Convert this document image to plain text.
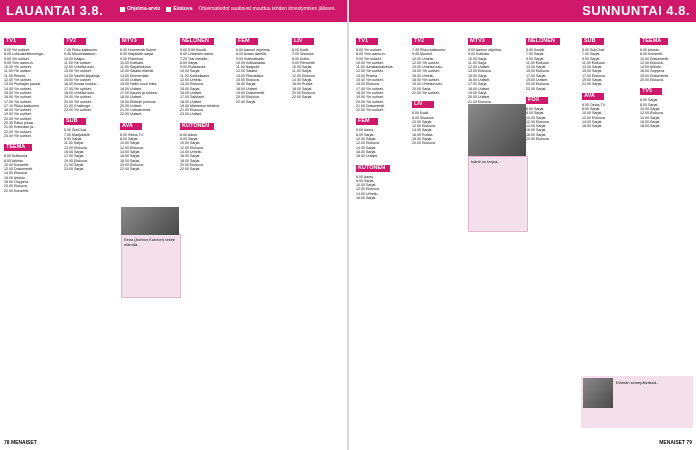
LAUANTAI 3.8.	Ohjelma-arvio	Elokuva Ohjelmatiedot saattavat muuttua lehden ilmestymisen jälkeen.	SUNNUNTAI 4.8.
TV1
8.00 Yle uutiset.
8.05 Luksusbrittikuninga...
9.00 Yle uutiset.
9.05 Ylen aamu-tv.
10.00 Yle uutiset.
11.00 Yle uutiset.
11.05 Prisma.
12.00 Yle uutiset.
13.00 Puoliajan paussi.
14.00 Yle uutiset.
15.00 Yle uutiset.
16.00 Yle uutiset.
17.00 Yle uutiset.
17.10 Pikku kakkonen.
18.00 Yle uutiset.
19.00 Yle uutiset.
20.00 Yle uutiset.
20.30 Paluu pikaa...
21.00 Kotimaan ja...
22.00 Yle uutiset.
23.00 Yle uutiset.
TEEMA
6.00 Kulttuuria.
8.00 Arkisto.
10.00 Konsertti.
12.00 Dokumentti.
14.00 Elokuva.
16.00 Arkisto.
18.00 Ooppera.
20.00 Elokuva.
22.00 Konsertti.
TV2
7.45 Pikku kakkonen.
9.45 Muumilaakson...
10.00 Kaapo.
11.00 Yle uutiset.
12.00 Urheiluruutu.
13.00 Yle uutiset.
14.00 Vauhtii kilpailuja.
15.00 Yle uutiset.
16.00 Kovaa luokka...
17.00 Yle uutiset.
18.00 Urheiluruutu.
19.00 Yle uutiset.
20.00 Yle uutiset.
21.00 Challenge...
22.00 Yle uutiset.
SUB
5.00 SubChat.
7.00 Maajussille.
9.00 Sarjat.
11.00 Sarjat.
13.00 Elokuva.
15.00 Sarjat.
17.00 Sarjat.
19.00 Elokuva.
21.00 Sarjat.
23.00 Sarjat.
MTV3
6.00 Huomenta Suomi.
8.30 Iltapäivän sarjat.
9.00 Pokemon.
10.00 Kotikatu.
11.00 Sarjaelokuva.
12.00 Salatut elämät.
13.00 Emmerdale.
14.00 Uutiset.
15.00 Hellin suuri mies.
16.00 Uutiset.
17.00 Kaunis ja rohkea.
18.00 Uutiset.
19.00 Elämän julmuus.
20.00 Uutiset.
21.00 Lottoarvonta.
22.00 Uutiset.
AVA
6.00 Ostos-TV.
8.00 Sarjat.
10.00 Sarjat.
12.00 Elokuva.
14.00 Sarjat.
16.00 Sarjat.
18.00 Sarjat.
20.00 Elokuva.
22.00 Sarjat.
NELONEN
5.00 5.50 Koodit.
6.00 Unelmien aamu.
7.20 Tosi meidän...
8.00 Sarjat.
9.00 Ruokasota.
10.00 Sarjat.
11.00 Kotikokkaus.
12.00 Urheilu.
13.00 Elokuva.
15.00 Sarjat.
16.00 Uutiset.
17.00 Salkkarit.
18.00 Uutiset.
19.00 Mahdoton tehtävä.
21.00 Elokuva.
23.00 Uutiset.
KUTONEN
6.00 Aamu.
8.00 Sarjat.
10.00 Sarjat.
12.00 Elokuva.
14.00 Urheilu.
16.00 Sarjat.
18.00 Sarjat.
20.00 Elokuva.
22.00 Sarjat.
FEM
6.00 Aamun ohjelmia.
8.00 Avaan äärellä.
9.00 Kotimatkalla.
10.00 Kotisairaala.
11.00 Naapurit.
12.00 Salatut.
13.00 Pikkusisko.
14.00 Elokuva.
16.00 Sarjat.
18.00 Uutiset.
19.00 Dokumentti.
20.00 Elokuva.
22.00 Sarjat.
LIV
6.00 Kodit.
7.00 Sisustus.
8.00 Kotiin.
9.00 Remontti.
10.00 Sarjat.
11.00 Sarjat.
12.00 Elokuva.
14.00 Sarjat.
16.00 Ruoka.
18.00 Sarjat.
20.00 Elokuva.
22.00 Sarjat.
TV1
8.00 Yle uutiset.
8.05 Ylen aamu-tv.
9.00 Yle uutiset.
10.00 Yle uutiset.
11.00 Jumalanpalvelus.
12.00 Yle uutiset.
13.00 Prisma.
14.00 Yle uutiset.
15.00 Elokuva.
17.00 Yle uutiset.
18.00 Yle uutiset.
19.00 Yle uutiset.
20.00 Yle uutiset.
21.00 Dokumentti.
22.00 Yle uutiset.
FEM
6.00 Aamu.
8.00 Sarjat.
10.00 Sarjat.
12.00 Elokuva.
14.00 Sarjat.
16.00 Sarjat.
18.00 Uutiset.
KUTONEN
6.00 Aamu.
8.00 Sarjat.
10.00 Sarjat.
12.00 Elokuva.
14.00 Urheilu.
16.00 Sarjat.
TV2
7.45 Pikku kakkonen.
9.45 Muumit.
10.00 Urheilu.
12.00 Yle uutiset.
13.00 Urheiluruutu.
15.00 Yle uutiset.
16.00 Urheilu.
18.00 Yle uutiset.
19.00 Urheiluruutu.
20.00 Sarja.
22.00 Yle uutiset.
LIV
6.00 Kodit.
8.00 Sisustus.
10.00 Sarjat.
12.00 Elokuva.
14.00 Sarjat.
16.00 Ruoka.
18.00 Sarjat.
20.00 Elokuva.
MTV3
8.00 Aamun ohjelma.
9.00 Kotikatu.
10.00 Sarja.
11.00 Sarja.
12.00 Uutiset.
13.00 Elokuva.
15.00 Sarja.
16.00 Uutiset.
17.00 Sarja.
18.00 Uutiset.
19.00 Sarja.
20.00 Uutiset.
21.00 Elokuva.
NELONEN
5.00 Koodit.
7.00 Sarjat.
9.00 Sarjat.
11.00 Elokuva.
13.00 Sarjat.
15.00 Elokuva.
17.00 Sarjat.
19.00 Uutiset.
20.00 Elokuva.
22.00 Sarjat.
FOX
6.00 Sarjat.
8.00 Sarjat.
10.00 Sarjat.
12.00 Elokuva.
14.00 Sarjat.
16.00 Sarjat.
18.00 Sarjat.
20.00 Elokuva.
SUB
5.00 SubChat.
7.00 Sarjat.
9.00 Sarjat.
11.00 Elokuva.
13.00 Sarjat.
15.00 Sarjat.
17.00 Elokuva.
19.00 Sarjat.
21.00 Sarjat.
AVA
6.00 Ostos-TV.
8.00 Sarjat.
10.00 Sarjat.
12.00 Elokuva.
14.00 Sarjat.
16.00 Sarjat.
TEEMA
6.00 Arkisto.
8.00 Konsertti.
10.00 Dokumentti.
12.00 Elokuva.
14.00 Arkisto.
16.00 Ooppera.
18.00 Dokumentti.
20.00 Elokuva.
TV5
6.00 Sarjat.
8.00 Sarjat.
10.00 Sarjat.
12.00 Elokuva.
14.00 Sarjat.
16.00 Sarjat.
18.00 Sarjat.
Eeva (Ashton Kutcher) tekee elämää...
Isänti on tarjoa...
Elämän sinnepäivässä...
78 MENAISET	MENAISET 79
